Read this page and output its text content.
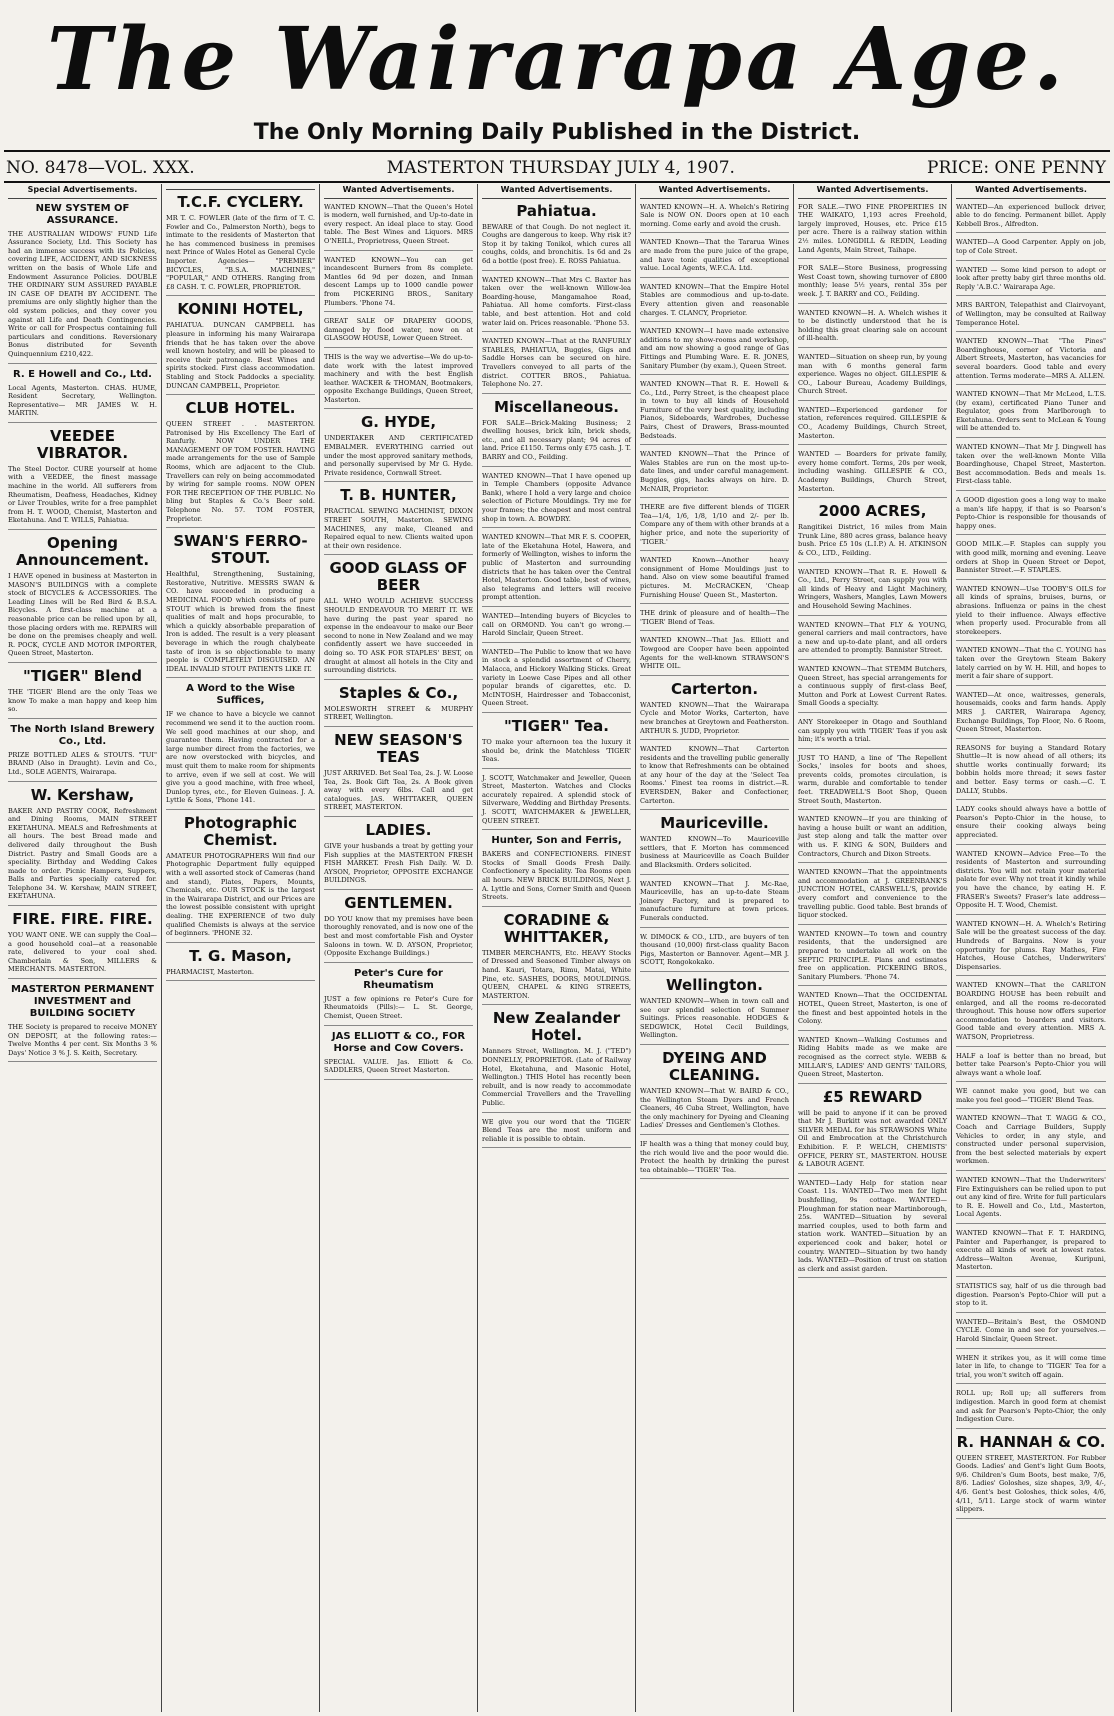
The Wairarapa Age.
The Only Morning Daily Published in the District.
NO. 8478—VOL. XXX.	MASTERTON THURSDAY JULY 4, 1907.	PRICE: ONE PENNY
Special Advertisements.
NEW SYSTEM OF ASSURANCE.
THE AUSTRALIAN WIDOWS' FUND Life Assurance Society, Ltd. This Society has had an immense success with its Policies, covering LIFE, ACCIDENT, AND SICKNESS written on the basis of Whole Life and Endowment Assurance Policies. DOUBLE THE ORDINARY SUM ASSURED PAYABLE IN CASE OF DEATH BY ACCIDENT. The premiums are only slightly higher than the old system policies, and they cover you against all Life and Death Contingencies. Write or call for Prospectus containing full particulars and conditions. Reversionary Bonus distributed for Seventh Quinquennium £210,422.
R. E Howell and Co., Ltd.
Local Agents, Masterton. CHAS. HUME, Resident Secretary, Wellington. Representative— MR JAMES W. H. MARTIN.
VEEDEE VIBRATOR.
The Steel Doctor. CURE yourself at home with a VEEDEE, the finest massage machine in the world. All sufferers from Rheumatism, Deafness, Headaches, Kidney or Liver Troubles, write for a free pamphlet from H. T. WOOD, Chemist, Masterton and Eketahuna. And T. WILLS, Pahiatua.
Opening Announcement.
I HAVE opened in business at Masterton in MASON'S BUILDINGS with a complete stock of BICYCLES & ACCESSORIES. The Leading Lines will be Red Bird & B.S.A. Bicycles. A first-class machine at a reasonable price can be relied upon by all, those placing orders with me. REPAIRS will be done on the premises cheaply and well. R. POCK, CYCLE AND MOTOR IMPORTER, Queen Street, Masterton.
"TIGER" Blend
THE 'TIGER' Blend are the only Teas we know To make a man happy and keep him so.
The North Island Brewery Co., Ltd.
PRIZE BOTTLED ALES & STOUTS. "TUI" BRAND (Also in Draught). Levin and Co., Ltd., SOLE AGENTS, Wairarapa.
W. Kershaw,
BAKER AND PASTRY COOK, Refreshment and Dining Rooms, MAIN STREET EKETAHUNA. MEALS and Refreshments at all hours. The best Bread made and delivered daily throughout the Bush District. Pastry and Small Goods are a speciality. Birthday and Wedding Cakes made to order. Picnic Hampers, Suppers, Balls and Parties specially catered for. Telephone 34. W. Kershaw, MAIN STREET, EKETAHUNA.
FIRE. FIRE. FIRE.
YOU WANT ONE. WE can supply the Coal—a good household coal—at a reasonable rate, delivered to your coal shed. Chamberlain & Son, MILLERS & MERCHANTS. MASTERTON.
MASTERTON PERMANENT INVESTMENT and BUILDING SOCIETY
THE Society is prepared to receive MONEY ON DEPOSIT, at the following rates:— Twelve Months 4 per cent. Six Months 3 % Days' Notice 3 % J. S. Keith, Secretary.
T.C.F. CYCLERY.
MR T. C. FOWLER (late of the firm of T. C. Fowler and Co., Palmerston North), begs to intimate to the residents of Masterton that he has commenced business in premises next Prince of Wales Hotel as General Cycle Importer. Agencies— "PREMIER" BICYCLES, "B.S.A. MACHINES," "POPULAR," AND OTHERS. Ranging from £8 CASH. T. C. FOWLER, PROPRIETOR.
KONINI HOTEL,
PAHIATUA. DUNCAN CAMPBELL has pleasure in informing his many Wairarapa friends that he has taken over the above well known hostelry, and will be pleased to receive their patronage. Best Wines and spirits stocked. First class accommodation. Stabling and Stock Paddocks a speciality. DUNCAN CAMPBELL, Proprietor.
CLUB HOTEL.
QUEEN STREET . . MASTERTON. Patronised by His Excellency The Earl of Ranfurly. NOW UNDER THE MANAGEMENT OF TOM FOSTER. HAVING made arrangements for the use of Sample Rooms, which are adjacent to the Club. Travellers can rely on being accommodated by wiring for sample rooms. NOW OPEN FOR THE RECEPTION OF THE PUBLIC. No bling but Staples & Co.'s Beer sold. Telephone No. 57. TOM FOSTER, Proprietor.
SWAN'S FERRO-STOUT.
Healthful, Strengthening, Sustaining, Restorative, Nutritive. MESSRS SWAN & CO. have succeeded in producing a MEDICINAL FOOD which consists of pure STOUT which is brewed from the finest qualities of malt and hops procurable, to which a quickly absorbable preparation of Iron is added. The result is a very pleasant beverage in which the rough chalybeate taste of iron is so objectionable to many people is COMPLETELY DISGUISED. AN IDEAL INVALID STOUT PATIENTS LIKE IT.
A Word to the Wise Suffices,
IF we chance to have a bicycle we cannot recommend we send it to the auction room. We sell good machines at our shop, and guarantee them. Having contracted for a large number direct from the factories, we are now overstocked with bicycles, and must quit them to make room for shipments to arrive, even if we sell at cost. We will give you a good machine, with free wheel, Dunlop tyres, etc., for Eleven Guineas. J. A. Lyttle & Sons, 'Phone 141.
Photographic Chemist.
AMATEUR PHOTOGRAPHERS Will find our Photographic Department fully equipped with a well assorted stock of Cameras (hand and stand), Plates, Papers, Mounts, Chemicals, etc. OUR STOCK is the largest in the Wairarapa District, and our Prices are the lowest possible consistent with upright dealing. THE EXPERIENCE of two duly qualified Chemists is always at the service of beginners. 'PHONE 32.
T. G. Mason,
PHARMACIST, Masterton.
Wanted Advertisements.
WANTED KNOWN—That the Queen's Hotel is modern, well furnished, and Up-to-date in every respect. An ideal place to stay. Good table. The Best Wines and Liquors. MRS O'NEILL, Proprietress, Queen Street.
WANTED KNOWN—You can get incandescent Burners from 8s complete. Mantles 6d 9d per dozen, and Inman descent Lamps up to 1000 candle power from PICKERING BROS., Sanitary Plumbers. 'Phone 74.
GREAT SALE OF DRAPERY GOODS, damaged by flood water, now on at GLASGOW HOUSE, Lower Queen Street.
THIS is the way we advertise—We do up-to-date work with the latest improved machinery and with the best English leather. WACKER & THOMAN, Bootmakers, opposite Exchange Buildings, Queen Street, Masterton.
G. HYDE,
UNDERTAKER AND CERTIFICATED EMBALMER. EVERYTHING carried out under the most approved sanitary methods, and personally supervised by Mr G. Hyde. Private residence, Cornwall Street.
T. B. HUNTER,
PRACTICAL SEWING MACHINIST, DIXON STREET SOUTH, Masterton. SEWING MACHINES, any make, Cleaned and Repaired equal to new. Clients waited upon at their own residence.
GOOD GLASS OF BEER
ALL WHO WOULD ACHIEVE SUCCESS SHOULD ENDEAVOUR TO MERIT IT. WE have during the past year spared no expense in the endeavour to make our Beer second to none in New Zealand and we may confidently assert we have succeeded in doing so. TO ASK FOR STAPLES' BEST, on draught at almost all hotels in the City and surrounding districts.
Staples & Co.,
MOLESWORTH STREET & MURPHY STREET, Wellington.
NEW SEASON'S TEAS
JUST ARRIVED. Bet Seal Tea, 2s. J. W. Loose Tea, 2s. Book Gift Tea, 2s. A Book given away with every 6lbs. Call and get catalogues. JAS. WHITTAKER, QUEEN STREET, MASTERTON.
LADIES.
GIVE your husbands a treat by getting your Fish supplies at the MASTERTON FRESH FISH MARKET. Fresh Fish Daily. W. D. AYSON, Proprietor, OPPOSITE EXCHANGE BUILDINGS.
GENTLEMEN.
DO YOU know that my premises have been thoroughly renovated, and is now one of the best and most comfortable Fish and Oyster Saloons in town. W. D. AYSON, Proprietor, (Opposite Exchange Buildings.)
Peter's Cure for Rheumatism
JUST a few opinions re Peter's Cure for Rheumatoids (Pills):— L. St. George, Chemist, Queen Street.
JAS ELLIOTT & CO., FOR Horse and Cow Covers.
SPECIAL VALUE. Jas. Elliott & Co. SADDLERS, Queen Street Masterton.
Wanted Advertisements.
Pahiatua.
BEWARE of that Cough. Do not neglect it. Coughs are dangerous to keep. Why risk it? Stop it by taking Tonikol, which cures all coughs, colds, and bronchitis. 1s 6d and 2s 6d a bottle (post free). E. ROSS Pahiatua.
WANTED KNOWN—That Mrs C. Baxter has taken over the well-known Willow-lea Boarding-house, Mangamahoe Road, Pahiatua. All home comforts. First-class table, and best attention. Hot and cold water laid on. Prices reasonable. 'Phone 53.
WANTED KNOWN—That at the RANFURLY STABLES, PAHIATUA, Buggies, Gigs and Saddle Horses can be secured on hire. Travellers conveyed to all parts of the district. COTTER BROS., Pahiatua. Telephone No. 27.
Miscellaneous.
FOR SALE—Brick-Making Business; 2 dwelling houses, brick kiln, brick sheds, etc., and all necessary plant; 94 acres of land. Price £1150. Terms only £75 cash. J. T. BARRY and CO., Feilding.
WANTED KNOWN—That I have opened up in Temple Chambers (opposite Advance Bank), where I hold a very large and choice selection of Picture Mouldings. Try me for your frames; the cheapest and most central shop in town. A. BOWDRY.
WANTED KNOWN—That MR F. S. COOPER, late of the Eketahuna Hotel, Hawera, and formerly of Wellington, wishes to inform the public of Masterton and surrounding districts that he has taken over the Central Hotel, Masterton. Good table, best of wines, also telegrams and letters will receive prompt attention.
WANTED—Intending buyers of Bicycles to call on ORMOND. You can't go wrong.—Harold Sinclair, Queen Street.
WANTED—The Public to know that we have in stock a splendid assortment of Cherry, Malacca, and Hickory Walking Sticks. Great variety in Loewe Case Pipes and all other popular brands of cigarettes, etc. D. McINTOSH, Hairdresser and Tobacconist, Queen Street.
"TIGER" Tea.
TO make your afternoon tea the luxury it should be, drink the Matchless 'TIGER' Teas.
J. SCOTT, Watchmaker and Jeweller, Queen Street, Masterton. Watches and Clocks accurately repaired. A splendid stock of Silverware, Wedding and Birthday Presents. J. SCOTT, WATCHMAKER & JEWELLER, QUEEN STREET.
Hunter, Son and Ferris,
BAKERS and CONFECTIONERS. FINEST Stocks of Small Goods Fresh Daily. Confectionery a Speciality. Tea Rooms open all hours. NEW BRICK BUILDINGS, Next J. A. Lyttle and Sons, Corner Smith and Queen Streets.
CORADINE & WHITTAKER,
TIMBER MERCHANTS, Etc. HEAVY Stocks of Dressed and Seasoned Timber always on hand. Kauri, Totara, Rimu, Matai, White Pine, etc. SASHES, DOORS, MOULDINGS. QUEEN, CHAPEL & KING STREETS, MASTERTON.
New Zealander Hotel.
Manners Street, Wellington. M. J. ("TED") DONNELLY, PROPRIETOR. (Late of Railway Hotel, Eketahuna, and Masonic Hotel, Wellington.) THIS Hotel has recently been rebuilt, and is now ready to accommodate Commercial Travellers and the Travelling Public.
WE give you our word that the 'TIGER' Blend Teas are the most uniform and reliable it is possible to obtain.
Wanted Advertisements.
WANTED KNOWN—H. A. Whelch's Retiring Sale is NOW ON. Doors open at 10 each morning. Come early and avoid the crush.
WANTED Known—That the Tararua Wines are made from the pure juice of the grape, and have tonic qualities of exceptional value. Local Agents, W.F.C.A. Ltd.
WANTED KNOWN—That the Empire Hotel Stables are commodious and up-to-date. Every attention given and reasonable charges. T. CLANCY, Proprietor.
WANTED KNOWN—I have made extensive additions to my show-rooms and workshop, and am now showing a good range of Gas Fittings and Plumbing Ware. E. R. JONES, Sanitary Plumber (by exam.), Queen Street.
WANTED KNOWN—That R. E. Howell & Co., Ltd., Perry Street, is the cheapest place in town to buy all kinds of Household Furniture of the very best quality, including Pianos, Sideboards, Wardrobes, Duchesse Pairs, Chest of Drawers, Brass-mounted Bedsteads.
WANTED KNOWN—That the Prince of Wales Stables are run on the most up-to-date lines, and under careful management. Buggies, gigs, hacks always on hire. D. McNAIR, Proprietor.
THERE are five different blends of TIGER Tea—1/4, 1/6, 1/8, 1/10 and 2/- per lb. Compare any of them with other brands at a higher price, and note the superiority of 'TIGER.'
WANTED Known—Another heavy consignment of Home Mouldings just to hand. Also on view some beautiful framed pictures. M. McCRACKEN, 'Cheap Furnishing House' Queen St., Masterton.
THE drink of pleasure and of health—The 'TIGER' Blend of Teas.
WANTED KNOWN—That Jas. Elliott and Towgood are Cooper have been appointed Agents for the well-known STRAWSON'S WHITE OIL.
Carterton.
WANTED KNOWN—That the Wairarapa Cycle and Motor Works, Carterton, have new branches at Greytown and Featherston. ARTHUR S. JUDD, Proprietor.
WANTED KNOWN—That Carterton residents and the travelling public generally to know that Refreshments can be obtained at any hour of the day at the 'Select Tea Rooms.' Finest tea rooms in district.—R. EVERSDEN, Baker and Confectioner, Carterton.
Mauriceville.
WANTED KNOWN—To Mauriceville settlers, that F. Morton has commenced business at Mauriceville as Coach Builder and Blacksmith. Orders solicited.
WANTED KNOWN—That J. Mc-Rae, Mauriceville, has an up-to-date Steam Joinery Factory, and is prepared to manufacture furniture at town prices. Funerals conducted.
W. DIMOCK & CO., LTD., are buyers of ten thousand (10,000) first-class quality Bacon Pigs, Masterton or Bannover. Agent—MR J. SCOTT, Rongokokako.
Wellington.
WANTED KNOWN—When in town call and see our splendid selection of Summer Suitings. Prices reasonable. HODGES & SEDGWICK, Hotel Cecil Buildings, Wellington.
DYEING AND CLEANING.
WANTED KNOWN—That W. BAIRD & CO., the Wellington Steam Dyers and French Cleaners, 46 Cuba Street, Wellington, have the only machinery for Dyeing and Cleaning Ladies' Dresses and Gentlemen's Clothes.
IF health was a thing that money could buy, the rich would live and the poor would die. Protect the health by drinking the purest tea obtainable—'TIGER' Tea.
Wanted Advertisements.
FOR SALE.—TWO FINE PROPERTIES IN THE WAIKATO, 1,193 acres Freehold, largely improved, Houses, etc. Price £15 per acre. There is a railway station within 2½ miles. LONGDILL & REDIN, Leading Land Agents, Main Street, Taihape.
FOR SALE—Store Business, progressing West Coast town, showing turnover of £800 monthly; lease 5½ years, rental 35s per week. J. T. BARRY and CO., Feilding.
WANTED KNOWN—H. A. Whelch wishes it to be distinctly understood that he is holding this great clearing sale on account of ill-health.
WANTED—Situation on sheep run, by young man with 6 months general farm experience. Wages no object. GILLESPIE & CO., Labour Bureau, Academy Buildings, Church Street.
WANTED—Experienced gardener for station, references required. GILLESPIE & CO., Academy Buildings, Church Street, Masterton.
WANTED — Boarders for private family, every home comfort. Terms, 20s per week, including washing. GILLESPIE & CO., Academy Buildings, Church Street, Masterton.
2000 ACRES,
Rangitikei District, 16 miles from Main Trunk Line, 880 acres grass, balance heavy bush. Price £5 10s (L.I.P.) A. H. ATKINSON & CO., LTD., Feilding.
WANTED KNOWN—That R. E. Howell & Co., Ltd., Perry Street, can supply you with all kinds of Heavy and Light Machinery, Wringers, Washers, Mangles, Lawn Mowers and Household Sewing Machines.
WANTED KNOWN—That FLY & YOUNG, general carriers and mail contractors, have a new and up-to-date plant, and all orders are attended to promptly. Bannister Street.
WANTED KNOWN—That STEMM Butchers, Queen Street, has special arrangements for a continuous supply of first-class Beef, Mutton and Pork at Lowest Current Rates. Small Goods a specialty.
ANY Storekeeper in Otago and Southland can supply you with 'TIGER' Teas if you ask him; it's worth a trial.
JUST TO HAND, a line of 'The Repellent Socks,' insoles for boots and shoes, prevents colds, promotes circulation, is warm, durable and comfortable to tender feet. TREADWELL'S Boot Shop, Queen Street South, Masterton.
WANTED KNOWN—If you are thinking of having a house built or want an addition, just step along and talk the matter over with us. F. KING & SON, Builders and Contractors, Church and Dixon Streets.
WANTED KNOWN—That the appointments and accommodation at J. GREENBANK'S JUNCTION HOTEL, CARSWELL'S, provide every comfort and convenience to the travelling public. Good table. Best brands of liquor stocked.
WANTED KNOWN—To town and country residents, that the undersigned are prepared to undertake all work on the SEPTIC PRINCIPLE. Plans and estimates free on application. PICKERING BROS., Sanitary Plumbers. 'Phone 74.
WANTED Known—That the OCCIDENTAL HOTEL, Queen Street, Masterton, is one of the finest and best appointed hotels in the Colony.
WANTED Known—Walking Costumes and Riding Habits made as we make are recognised as the correct style. WEBB & MILLAR'S, LADIES' AND GENTS' TAILORS, Queen Street, Masterton.
£5 REWARD
will be paid to anyone if it can be proved that Mr J. Burkitt was not awarded ONLY SILVER MEDAL for his STRAWSONS White Oil and Embrocation at the Christchurch Exhibition. F. P. WELCH, CHEMISTS' OFFICE, PERRY ST., MASTERTON. HOUSE & LABOUR AGENT.
WANTED—Lady Help for station near Coast. 11s. WANTED—Two men for light bushfelling, 9s cottage. WANTED—Ploughman for station near Martinborough, 25s. WANTED—Situation by several married couples, used to both farm and station work. WANTED—Situation by an experienced cook and baker, hotel or country. WANTED—Situation by two handy lads. WANTED—Position of trust on station as clerk and assist garden.
Wanted Advertisements.
WANTED—An experienced bullock driver, able to do fencing. Permanent billet. Apply Kebbell Bros., Alfredton.
WANTED—A Good Carpenter. Apply on job, top of Cole Street.
WANTED — Some kind person to adopt or look after pretty baby girl three months old. Reply 'A.B.C.' Wairarapa Age.
MRS BARTON, Telepathist and Clairvoyant, of Wellington, may be consulted at Railway Temperance Hotel.
WANTED KNOWN—That "The Pines" Boardinghouse, corner of Victoria and Albert Streets, Masterton, has vacancies for several boarders. Good table and every attention. Terms moderate—MRS A. ALLEN.
WANTED KNOWN—That Mr McLeod, L.T.S. (by exam), certificated Piano Tuner and Regulator, goes from Marlborough to Eketahuna. Orders sent to McLean & Young will be attended to.
WANTED KNOWN—That Mr J. Dingwell has taken over the well-known Monte Villa Boardinghouse, Chapel Street, Masterton. Best accommodation. Beds and meals 1s. First-class table.
A GOOD digestion goes a long way to make a man's life happy, if that is so Pearson's Pepto-Chior is responsible for thousands of happy ones.
GOOD MILK.—F. Staples can supply you with good milk, morning and evening. Leave orders at Shop in Queen Street or Depot, Bannister Street.—F. STAPLES.
WANTED KNOWN—Use TOOBY'S OILS for all kinds of sprains, bruises, burns, or abrasions. Influenza or pains in the chest yield to their influence. Always effective when properly used. Procurable from all storekeepers.
WANTED KNOWN—That the C. YOUNG has taken over the Greytown Steam Bakery lately carried on by W. H. Hill, and hopes to merit a fair share of support.
WANTED—At once, waitresses, generals, housemaids, cooks and farm hands. Apply MRS J. CARTER, Wairarapa Agency, Exchange Buildings, Top Floor, No. 6 Room, Queen Street, Masterton.
REASONS for buying a Standard Rotary Shuttle—It is now ahead of all others; its shuttle works continually forward; its bobbin holds more thread; it sews faster and better. Easy terms or cash.—C. T. DALLY, Stubbs.
LADY cooks should always have a bottle of Pearson's Pepto-Chior in the house, to ensure their cooking always being appreciated.
WANTED KNOWN—Advice Free—To the residents of Masterton and surrounding districts. You will not retain your material palate for ever. Why not treat it kindly while you have the chance, by eating H. F. FRASER's Sweets? Fraser's late address—Opposite H. T. Wood, Chemist.
WANTED KNOWN—H. A. Whelch's Retiring Sale will be the greatest success of the day. Hundreds of Bargains. Now is your opportunity for plums. Ray Mathes, Fire Hatches, House Catches, Underwriters' Dispensaries.
WANTED KNOWN—That the CARLTON BOARDING HOUSE has been rebuilt and enlarged, and all the rooms re-decorated throughout. This house now offers superior accommodation to boarders and visitors. Good table and every attention. MRS A. WATSON, Proprietress.
HALF a loaf is better than no bread, but better take Pearson's Pepto-Chior you will always want a whole loaf.
WE cannot make you good, but we can make you feel good—'TIGER' Blend Teas.
WANTED KNOWN—That T. WAGG & CO., Coach and Carriage Builders, Supply Vehicles to order, in any style, and constructed under personal supervision, from the best selected materials by expert workmen.
WANTED KNOWN—That the Underwriters' Fire Extinguishers can be relied upon to put out any kind of fire. Write for full particulars to R. E. Howell and Co., Ltd., Masterton, Local Agents.
WANTED KNOWN—That F. T. HARDING, Painter and Paperhanger, is prepared to execute all kinds of work at lowest rates. Address—Walton Avenue, Kuripuni, Masterton.
STATISTICS say, half of us die through bad digestion. Pearson's Pepto-Chior will put a stop to it.
WANTED—Britain's Best, the OSMOND CYCLE. Come in and see for yourselves.—Harold Sinclair, Queen Street.
WHEN it strikes you, as it will come time later in life, to change to 'TIGER' Tea for a trial, you won't switch off again.
ROLL up; Roll up; all sufferers from indigestion. March in good form at chemist and ask for Pearson's Pepto-Chior, the only Indigestion Cure.
R. HANNAH & CO.
QUEEN STREET, MASTERTON. For Rubber Goods. Ladies' and Gent's light Gum Boots, 9/6. Children's Gum Boots, best make, 7/6, 8/6. Ladies' Goloshes, size shapes, 3/9, 4/-, 4/6. Gent's best Goloshes, thick soles, 4/6, 4/11, 5/11. Large stock of warm winter slippers.
